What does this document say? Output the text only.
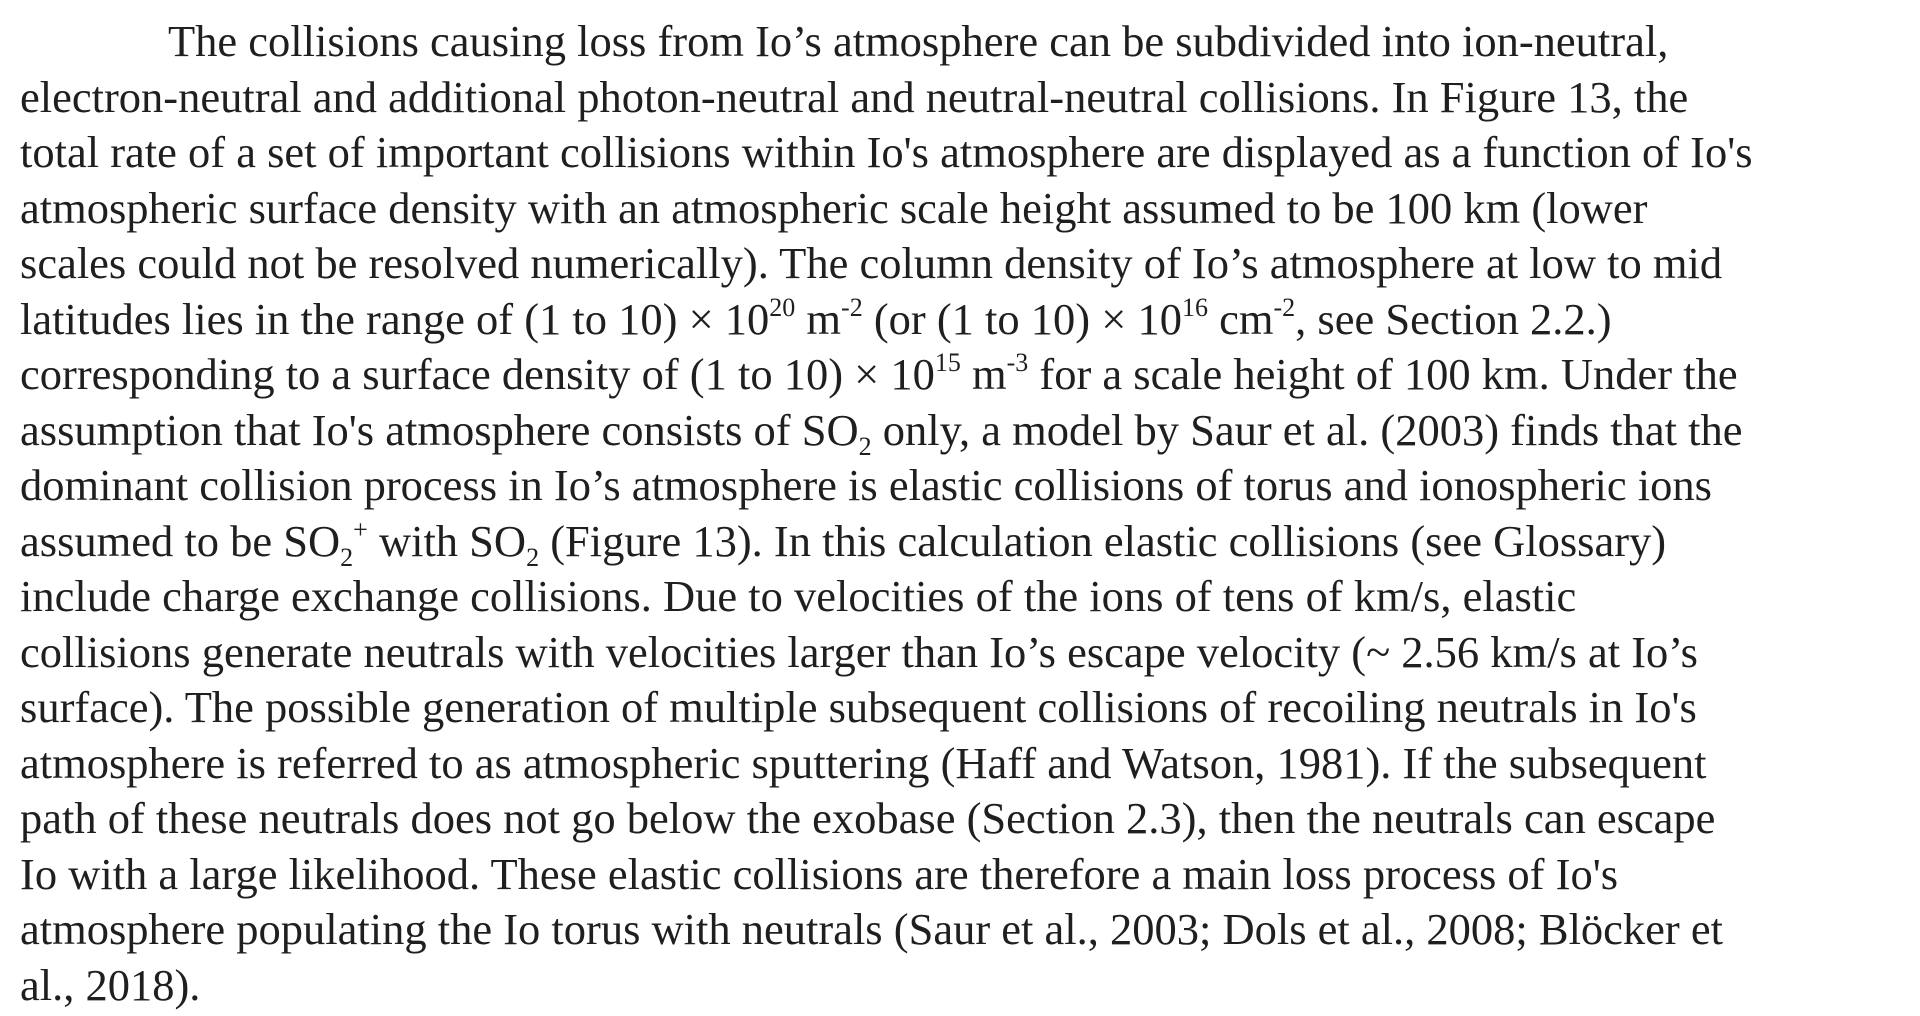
The collisions causing loss from Io’s atmosphere can be subdivided into ion-neutral,
electron-neutral and additional photon-neutral and neutral-neutral collisions. In Figure 13, the
total rate of a set of important collisions within Io's atmosphere are displayed as a function of Io's
atmospheric surface density with an atmospheric scale height assumed to be 100 km (lower
scales could not be resolved numerically). The column density of Io’s atmosphere at low to mid
latitudes lies in the range of (1 to $10) \times 10^{20}$ $m^{-2}$ (or (1 to $10) \times 10^{16}$ $cm^{-2}$, see Section 2.2.)
corresponding to a surface density of (1 to $10) \times 10^{15}$ $m^{-3}$ for a scale height of 100 km. Under the
assumption that Io's atmosphere consists of $SO_2$ only, a model by Saur et al. (2003) finds that the
dominant collision process in Io’s atmosphere is elastic collisions of torus and ionospheric ions
assumed to be $SO_2^+$ with $SO_2$ (Figure 13). In this calculation elastic collisions (see Glossary)
include charge exchange collisions. Due to velocities of the ions of tens of km/s, elastic
collisions generate neutrals with velocities larger than Io’s escape velocity (~ 2.56 km/s at Io’s
surface). The possible generation of multiple subsequent collisions of recoiling neutrals in Io's
atmosphere is referred to as atmospheric sputtering (Haff and Watson, 1981). If the subsequent
path of these neutrals does not go below the exobase (Section 2.3), then the neutrals can escape
Io with a large likelihood. These elastic collisions are therefore a main loss process of Io's
atmosphere populating the Io torus with neutrals (Saur et al., 2003; Dols et al., 2008; Blöcker et
al., 2018).
